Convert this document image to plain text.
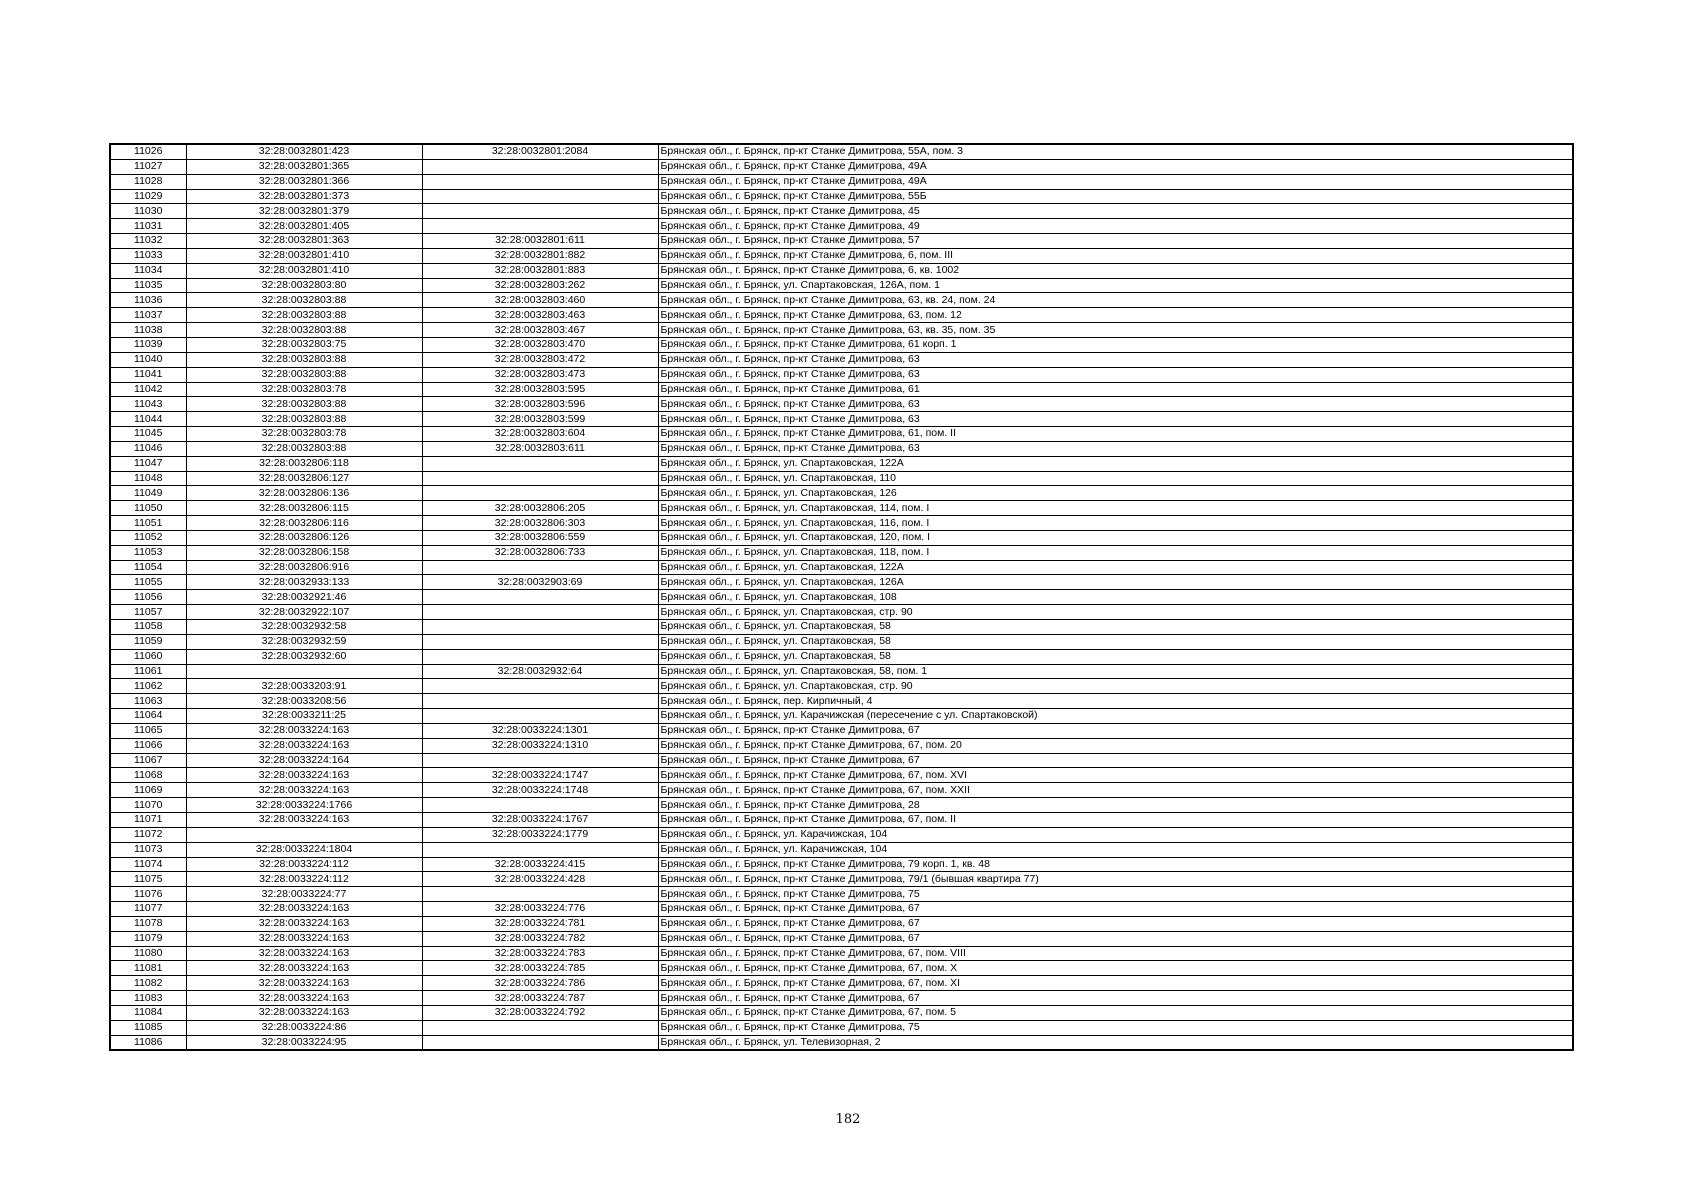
11026	32:28:0032801:423	32:28:0032801:2084	Брянская обл., г. Брянск, пр-кт Станке Димитрова, 55А, пом. 3
11027	32:28:0032801:365		Брянская обл., г. Брянск, пр-кт Станке Димитрова, 49А
11028	32:28:0032801:366		Брянская обл., г. Брянск, пр-кт Станке Димитрова, 49А
11029	32:28:0032801:373		Брянская обл., г. Брянск, пр-кт Станке Димитрова, 55Б
11030	32:28:0032801:379		Брянская обл., г. Брянск, пр-кт Станке Димитрова, 45
11031	32:28:0032801:405		Брянская обл., г. Брянск, пр-кт Станке Димитрова, 49
11032	32:28:0032801:363	32:28:0032801:611	Брянская обл., г. Брянск, пр-кт Станке Димитрова, 57
11033	32:28:0032801:410	32:28:0032801:882	Брянская обл., г. Брянск, пр-кт Станке Димитрова, 6, пом. III
11034	32:28:0032801:410	32:28:0032801:883	Брянская обл., г. Брянск, пр-кт Станке Димитрова, 6, кв. 1002
11035	32:28:0032803:80	32:28:0032803:262	Брянская обл., г. Брянск, ул. Спартаковская, 126А, пом. 1
11036	32:28:0032803:88	32:28:0032803:460	Брянская обл., г. Брянск, пр-кт Станке Димитрова, 63, кв. 24, пом. 24
11037	32:28:0032803:88	32:28:0032803:463	Брянская обл., г. Брянск, пр-кт Станке Димитрова, 63, пом. 12
11038	32:28:0032803:88	32:28:0032803:467	Брянская обл., г. Брянск, пр-кт Станке Димитрова, 63, кв. 35, пом. 35
11039	32:28:0032803:75	32:28:0032803:470	Брянская обл., г. Брянск, пр-кт Станке Димитрова, 61 корп. 1
11040	32:28:0032803:88	32:28:0032803:472	Брянская обл., г. Брянск, пр-кт Станке Димитрова, 63
11041	32:28:0032803:88	32:28:0032803:473	Брянская обл., г. Брянск, пр-кт Станке Димитрова, 63
11042	32:28:0032803:78	32:28:0032803:595	Брянская обл., г. Брянск, пр-кт Станке Димитрова, 61
11043	32:28:0032803:88	32:28:0032803:596	Брянская обл., г. Брянск, пр-кт Станке Димитрова, 63
11044	32:28:0032803:88	32:28:0032803:599	Брянская обл., г. Брянск, пр-кт Станке Димитрова, 63
11045	32:28:0032803:78	32:28:0032803:604	Брянская обл., г. Брянск, пр-кт Станке Димитрова, 61, пом. II
11046	32:28:0032803:88	32:28:0032803:611	Брянская обл., г. Брянск, пр-кт Станке Димитрова, 63
11047	32:28:0032806:118		Брянская обл., г. Брянск, ул. Спартаковская, 122А
11048	32:28:0032806:127		Брянская обл., г. Брянск, ул. Спартаковская, 110
11049	32:28:0032806:136		Брянская обл., г. Брянск, ул. Спартаковская, 126
11050	32:28:0032806:115	32:28:0032806:205	Брянская обл., г. Брянск, ул. Спартаковская, 114, пом. I
11051	32:28:0032806:116	32:28:0032806:303	Брянская обл., г. Брянск, ул. Спартаковская, 116, пом. I
11052	32:28:0032806:126	32:28:0032806:559	Брянская обл., г. Брянск, ул. Спартаковская, 120, пом. I
11053	32:28:0032806:158	32:28:0032806:733	Брянская обл., г. Брянск, ул. Спартаковская, 118, пом. I
11054	32:28:0032806:916		Брянская обл., г. Брянск, ул. Спартаковская, 122А
11055	32:28:0032933:133	32:28:0032903:69	Брянская обл., г. Брянск, ул. Спартаковская, 126А
11056	32:28:0032921:46		Брянская обл., г. Брянск, ул. Спартаковская, 108
11057	32:28:0032922:107		Брянская обл., г. Брянск, ул. Спартаковская, стр. 90
11058	32:28:0032932:58		Брянская обл., г. Брянск, ул. Спартаковская, 58
11059	32:28:0032932:59		Брянская обл., г. Брянск, ул. Спартаковская, 58
11060	32:28:0032932:60		Брянская обл., г. Брянск, ул. Спартаковская, 58
11061		32:28:0032932:64	Брянская обл., г. Брянск, ул. Спартаковская, 58, пом. 1
11062	32:28:0033203:91		Брянская обл., г. Брянск, ул. Спартаковская, стр. 90
11063	32:28:0033208:56		Брянская обл., г. Брянск, пер. Кирпичный, 4
11064	32:28:0033211:25		Брянская обл., г. Брянск, ул. Карачижская (пересечение с ул. Спартаковской)
11065	32:28:0033224:163	32:28:0033224:1301	Брянская обл., г. Брянск, пр-кт Станке Димитрова, 67
11066	32:28:0033224:163	32:28:0033224:1310	Брянская обл., г. Брянск, пр-кт Станке Димитрова, 67, пом. 20
11067	32:28:0033224:164		Брянская обл., г. Брянск, пр-кт Станке Димитрова, 67
11068	32:28:0033224:163	32:28:0033224:1747	Брянская обл., г. Брянск, пр-кт Станке Димитрова, 67, пом. XVI
11069	32:28:0033224:163	32:28:0033224:1748	Брянская обл., г. Брянск, пр-кт Станке Димитрова, 67, пом. XXII
11070	32:28:0033224:1766		Брянская обл., г. Брянск, пр-кт Станке Димитрова, 28
11071	32:28:0033224:163	32:28:0033224:1767	Брянская обл., г. Брянск, пр-кт Станке Димитрова, 67, пом. II
11072		32:28:0033224:1779	Брянская обл., г. Брянск, ул. Карачижская, 104
11073	32:28:0033224:1804		Брянская обл., г. Брянск, ул. Карачижская, 104
11074	32:28:0033224:112	32:28:0033224:415	Брянская обл., г. Брянск, пр-кт Станке Димитрова, 79 корп. 1, кв. 48
11075	32:28:0033224:112	32:28:0033224:428	Брянская обл., г. Брянск, пр-кт Станке Димитрова, 79/1 (бывшая квартира 77)
11076	32:28:0033224:77		Брянская обл., г. Брянск, пр-кт Станке Димитрова, 75
11077	32:28:0033224:163	32:28:0033224:776	Брянская обл., г. Брянск, пр-кт Станке Димитрова, 67
11078	32:28:0033224:163	32:28:0033224:781	Брянская обл., г. Брянск, пр-кт Станке Димитрова, 67
11079	32:28:0033224:163	32:28:0033224:782	Брянская обл., г. Брянск, пр-кт Станке Димитрова, 67
11080	32:28:0033224:163	32:28:0033224:783	Брянская обл., г. Брянск, пр-кт Станке Димитрова, 67, пом. VIII
11081	32:28:0033224:163	32:28:0033224:785	Брянская обл., г. Брянск, пр-кт Станке Димитрова, 67, пом. X
11082	32:28:0033224:163	32:28:0033224:786	Брянская обл., г. Брянск, пр-кт Станке Димитрова, 67, пом. XI
11083	32:28:0033224:163	32:28:0033224:787	Брянская обл., г. Брянск, пр-кт Станке Димитрова, 67
11084	32:28:0033224:163	32:28:0033224:792	Брянская обл., г. Брянск, пр-кт Станке Димитрова, 67, пом. 5
11085	32:28:0033224:86		Брянская обл., г. Брянск, пр-кт Станке Димитрова, 75
11086	32:28:0033224:95		Брянская обл., г. Брянск, ул. Телевизорная, 2
182
